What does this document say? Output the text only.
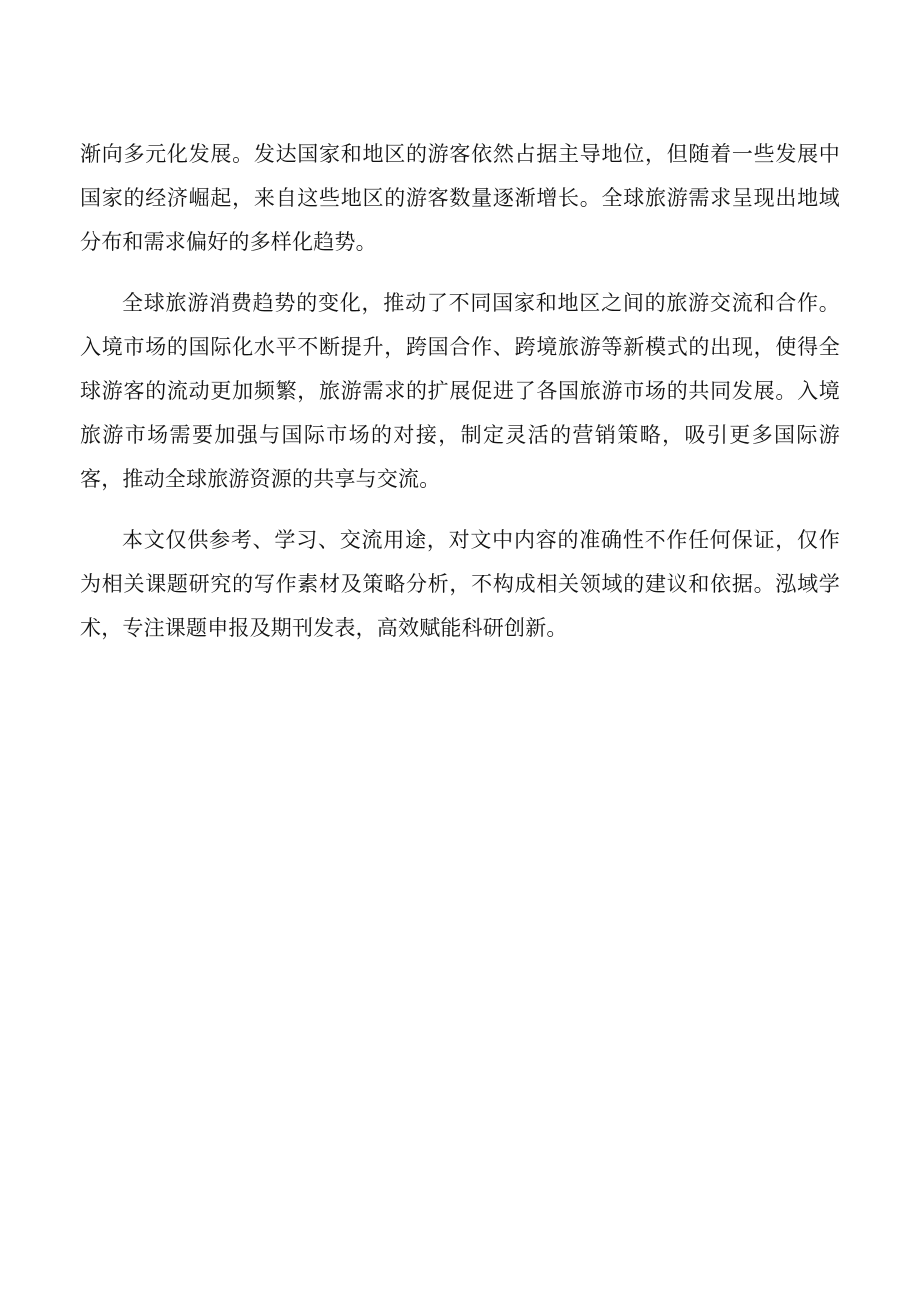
渐向多元化发展。发达国家和地区的游客依然占据主导地位，但随着一些发展中国家的经济崛起，来自这些地区的游客数量逐渐增长。全球旅游需求呈现出地域分布和需求偏好的多样化趋势。

全球旅游消费趋势的变化，推动了不同国家和地区之间的旅游交流和合作。入境市场的国际化水平不断提升，跨国合作、跨境旅游等新模式的出现，使得全球游客的流动更加频繁，旅游需求的扩展促进了各国旅游市场的共同发展。入境旅游市场需要加强与国际市场的对接，制定灵活的营销策略，吸引更多国际游客，推动全球旅游资源的共享与交流。

本文仅供参考、学习、交流用途，对文中内容的准确性不作任何保证，仅作为相关课题研究的写作素材及策略分析，不构成相关领域的建议和依据。泓域学术，专注课题申报及期刊发表，高效赋能科研创新。
